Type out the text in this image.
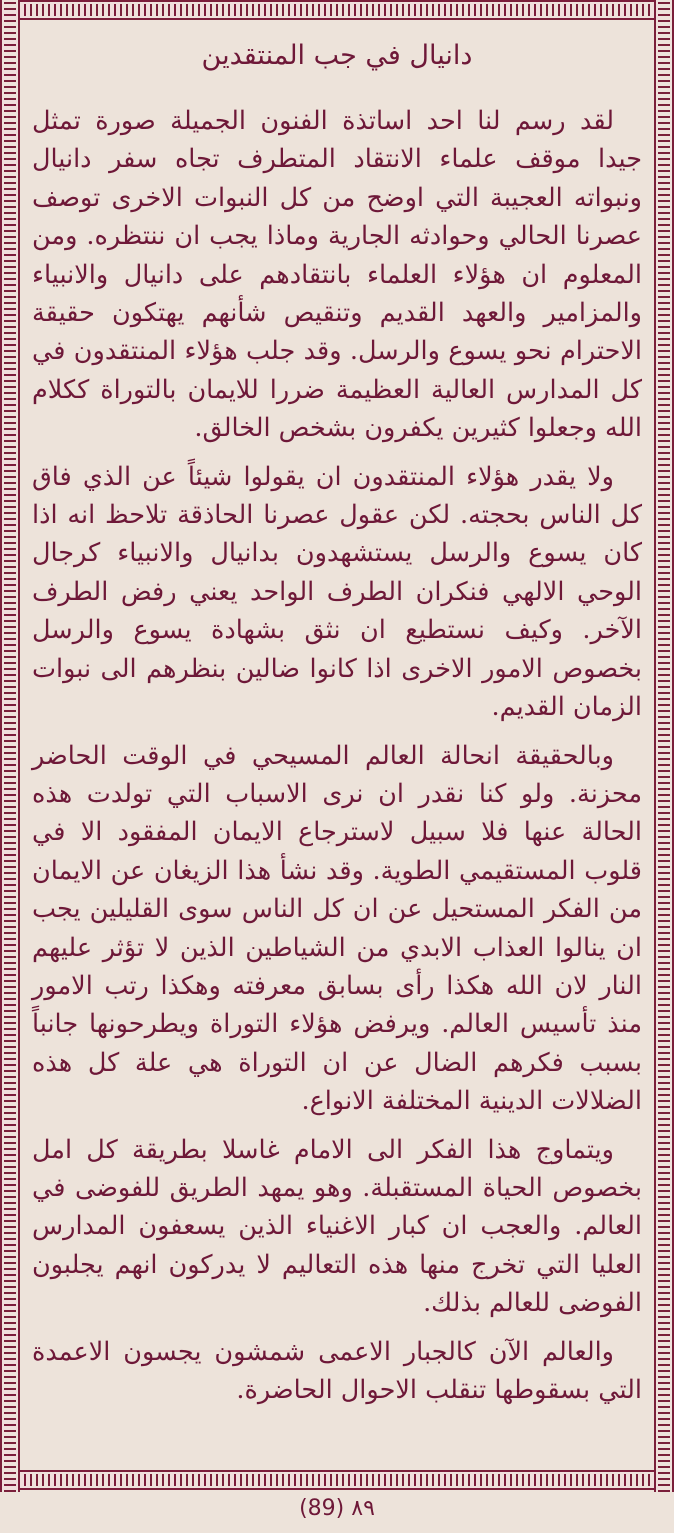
دانيال في جب المنتقدين

لقد رسم لنا احد اساتذة الفنون الجميلة صورة تمثل جيدا موقف علماء الانتقاد المتطرف تجاه سفر دانيال ونبواته العجيبة التي اوضح من كل النبوات الاخرى توصف عصرنا الحالي وحوادثه الجارية وماذا يجب ان ننتظره. ومن المعلوم ان هؤلاء العلماء بانتقادهم على دانيال والانبياء والمزامير والعهد القديم وتنقيص شأنهم يهتكون حقيقة الاحترام نحو يسوع والرسل. وقد جلب هؤلاء المنتقدون في كل المدارس العالية العظيمة ضررا للايمان بالتوراة ككلام الله وجعلوا كثيرين يكفرون بشخص الخالق.

ولا يقدر هؤلاء المنتقدون ان يقولوا شيئاً عن الذي فاق كل الناس بحجته. لكن عقول عصرنا الحاذقة تلاحظ انه اذا كان يسوع والرسل يستشهدون بدانيال والانبياء كرجال الوحي الالهي فنكران الطرف الواحد يعني رفض الطرف الآخر. وكيف نستطيع ان نثق بشهادة يسوع والرسل بخصوص الامور الاخرى اذا كانوا ضالين بنظرهم الى نبوات الزمان القديم.

وبالحقيقة انحالة العالم المسيحي في الوقت الحاضر محزنة. ولو كنا نقدر ان نرى الاسباب التي تولدت هذه الحالة عنها فلا سبيل لاسترجاع الايمان المفقود الا في قلوب المستقيمي الطوية. وقد نشأ هذا الزيغان عن الايمان من الفكر المستحيل عن ان كل الناس سوى القليلين يجب ان ينالوا العذاب الابدي من الشياطين الذين لا تؤثر عليهم النار لان الله هكذا رأى بسابق معرفته وهكذا رتب الامور منذ تأسيس العالم. ويرفض هؤلاء التوراة ويطرحونها جانباً بسبب فكرهم الضال عن ان التوراة هي علة كل هذه الضلالات الدينية المختلفة الانواع.

ويتماوج هذا الفكر الى الامام غاسلا بطريقة كل امل بخصوص الحياة المستقبلة. وهو يمهد الطريق للفوضى في العالم. والعجب ان كبار الاغنياء الذين يسعفون المدارس العليا التي تخرج منها هذه التعاليم لا يدركون انهم يجلبون الفوضى للعالم بذلك.

والعالم الآن كالجبار الاعمى شمشون يجسون الاعمدة التي بسقوطها تنقلب الاحوال الحاضرة.

(89) ٨٩
